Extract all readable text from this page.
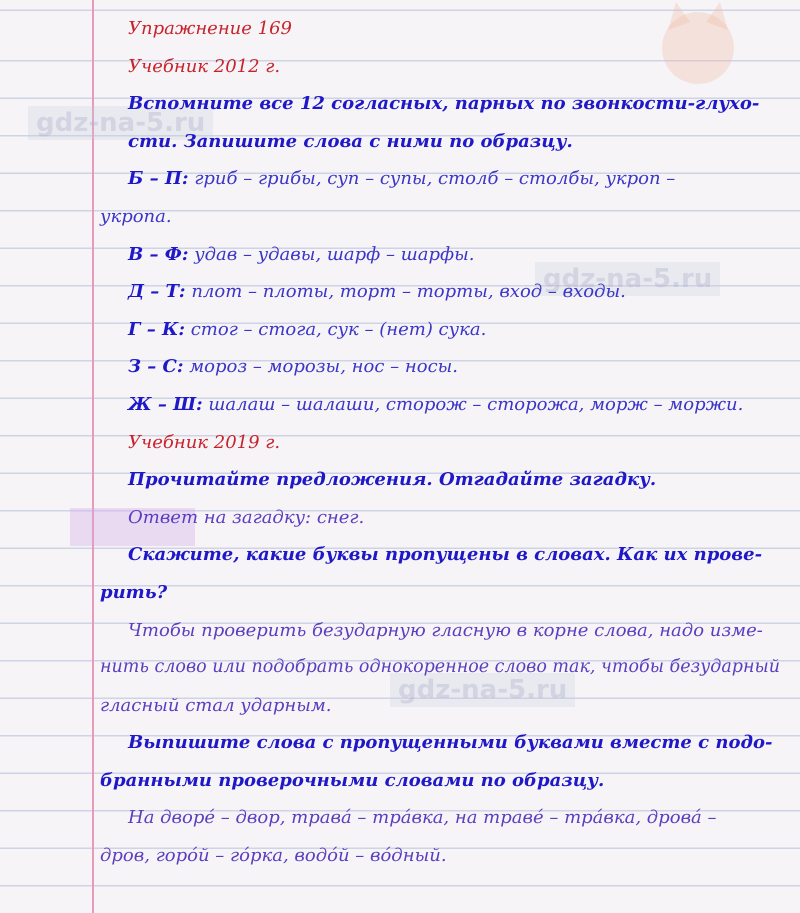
gdz-na-5.ru
gdz-na-5.ru
gdz-na-5.ru
Упражнение 169
Учебник 2012 г.
Вспомните все 12 согласных, парных по звонкости-глухо-
сти. Запишите слова с ними по образцу.
Б – П: гриб – грибы, суп – супы, столб – столбы, укроп –
укропа.
В – Ф: удав – удавы, шарф – шарфы.
Д – Т: плот – плоты, торт – торты, вход – входы.
Г – К: стог – стога, сук – (нет) сука.
З – С: мороз – морозы, нос – носы.
Ж – Ш: шалаш – шалаши, сторож – сторожа, морж – моржи.
Учебник 2019 г.
Прочитайте предложения. Отгадайте загадку.
Ответ на загадку: снег.
Скажите, какие буквы пропущены в словах. Как их прове-
рить?
Чтобы проверить безударную гласную в корне слова, надо изме-
нить слово или подобрать однокоренное слово так, чтобы безударный
гласный стал ударным.
Выпишите слова с пропущенными буквами вместе с подо-
бранными проверочными словами по образцу.
На дворе́ – двор, трава́ – тра́вка, на траве́ – тра́вка, дрова́ –
дров, горо́й – го́рка, водо́й – во́дный.
